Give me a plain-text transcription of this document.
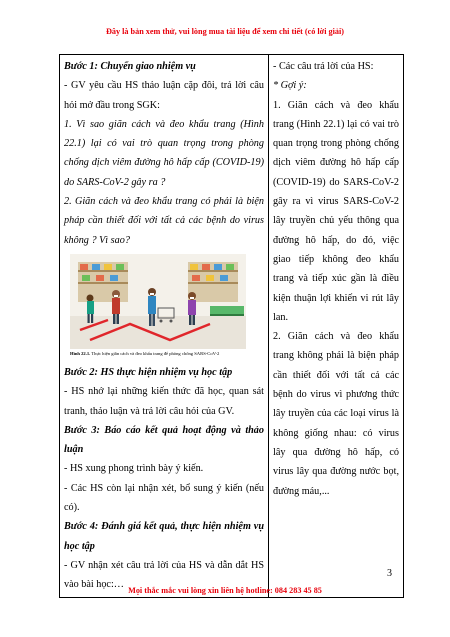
Đây là bản xem thử, vui lòng mua tài liệu để xem chi tiết (có lời giải)

Bước 1: Chuyển giao nhiệm vụ

- GV yêu cầu HS thảo luận cặp đôi, trả lời câu hỏi mở đầu trong SGK:

1. Vì sao giãn cách và đeo khẩu trang (Hình 22.1) lại có vai trò quan trọng trong phòng chống dịch viêm đường hô hấp cấp (COVID-19) do SARS-CoV-2 gây ra ?

2. Giãn cách và đeo khẩu trang có phải là biện pháp cần thiết đối với tất cả các bệnh do virus không ? Vì sao?

Hình 22.1. Thực hiện giãn cách và đeo khẩu trang để phòng chống SARS-CoV-2

Bước 2: HS thực hiện nhiệm vụ học tập

- HS nhớ lại những kiến thức đã học, quan sát tranh, thảo luận và trả lời câu hỏi của GV.

Bước 3: Báo cáo kết quả hoạt động và thảo luận

- HS xung phong trình bày ý kiến.

- Các HS còn lại nhận xét, bổ sung ý kiến (nếu có).

Bước 4: Đánh giá kết quả, thực hiện nhiệm vụ học tập

- GV nhận xét câu trả lời của HS và dẫn dắt HS vào bài học:…

- Các câu trả lời của HS:

* Gợi ý:

1. Giãn cách và đeo khẩu trang (Hình 22.1) lại có vai trò quan trọng trong phòng chống dịch viêm đường hô hấp cấp (COVID-19) do SARS-CoV-2 gây ra vì virus SARS-CoV-2 lây truyền chủ yếu thông qua đường hô hấp, do đó, việc giao tiếp không đeo khẩu trang và tiếp xúc gần là điều kiện thuận lợi khiến vi rút lây lan.

2. Giãn cách và đeo khẩu trang không phải là biện pháp cần thiết đối với tất cả các bệnh do virus vì phương thức lây truyền của các loại virus là không giống nhau: có virus lây qua đường hô hấp, có virus lây qua đường nước bọt, đường máu,...

3
Mọi thắc mắc vui lòng xin liên hệ hotline: 084 283 45 85
